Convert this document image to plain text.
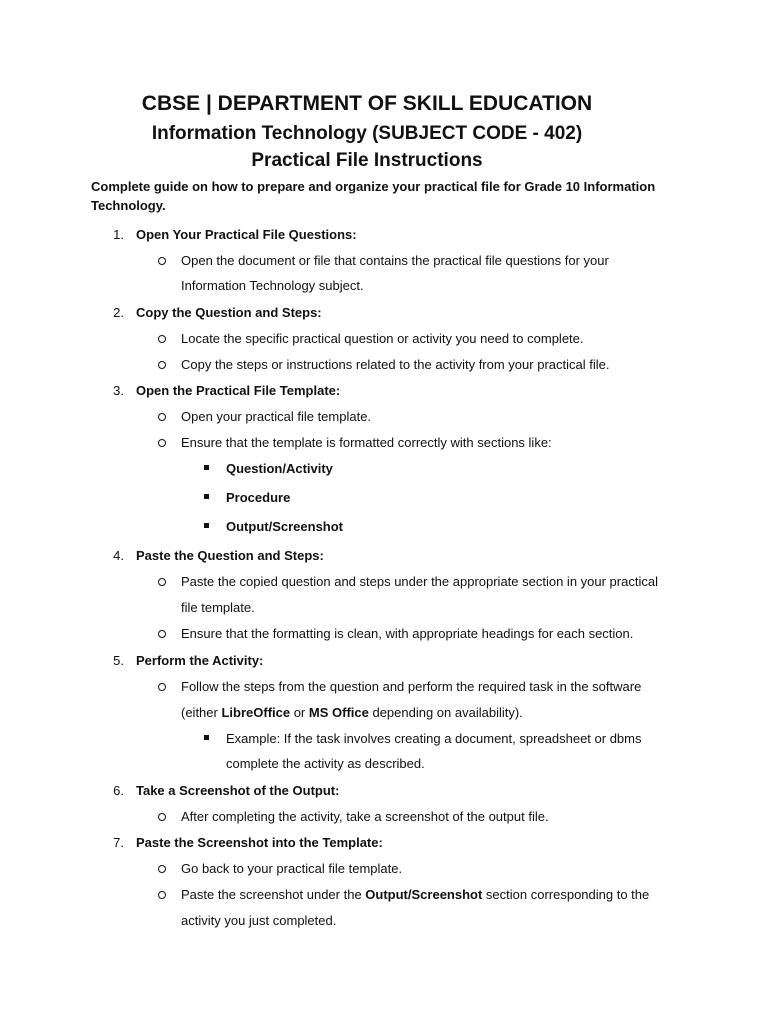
CBSE | DEPARTMENT OF SKILL EDUCATION
Information Technology (SUBJECT CODE - 402)
Practical File Instructions
Complete guide on how to prepare and organize your practical file for Grade 10 Information Technology.
1. Open Your Practical File Questions:
Open the document or file that contains the practical file questions for your
Information Technology subject.
2. Copy the Question and Steps:
Locate the specific practical question or activity you need to complete.
Copy the steps or instructions related to the activity from your practical file.
3. Open the Practical File Template:
Open your practical file template.
Ensure that the template is formatted correctly with sections like:
Question/Activity
Procedure
Output/Screenshot
4. Paste the Question and Steps:
Paste the copied question and steps under the appropriate section in your practical
file template.
Ensure that the formatting is clean, with appropriate headings for each section.
5. Perform the Activity:
Follow the steps from the question and perform the required task in the software
(either LibreOffice or MS Office depending on availability).
Example: If the task involves creating a document, spreadsheet or dbms
complete the activity as described.
6. Take a Screenshot of the Output:
After completing the activity, take a screenshot of the output file.
7. Paste the Screenshot into the Template:
Go back to your practical file template.
Paste the screenshot under the Output/Screenshot section corresponding to the
activity you just completed.
